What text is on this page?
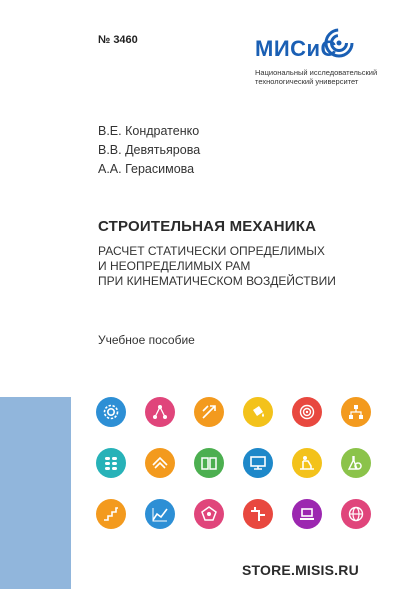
№ 3460	МИСиС
Национальный исследовательский
технологический университет
В.Е. Кондратенко
В.В. Девятьярова
А.А. Герасимова
СТРОИТЕЛЬНАЯ МЕХАНИКА
РАСЧЕТ СТАТИЧЕСКИ ОПРЕДЕЛИМЫХ
И НЕОПРЕДЕЛИМЫХ РАМ
ПРИ КИНЕМАТИЧЕСКОМ ВОЗДЕЙСТВИИ
Учебное пособие
STORE.MISIS.RU
